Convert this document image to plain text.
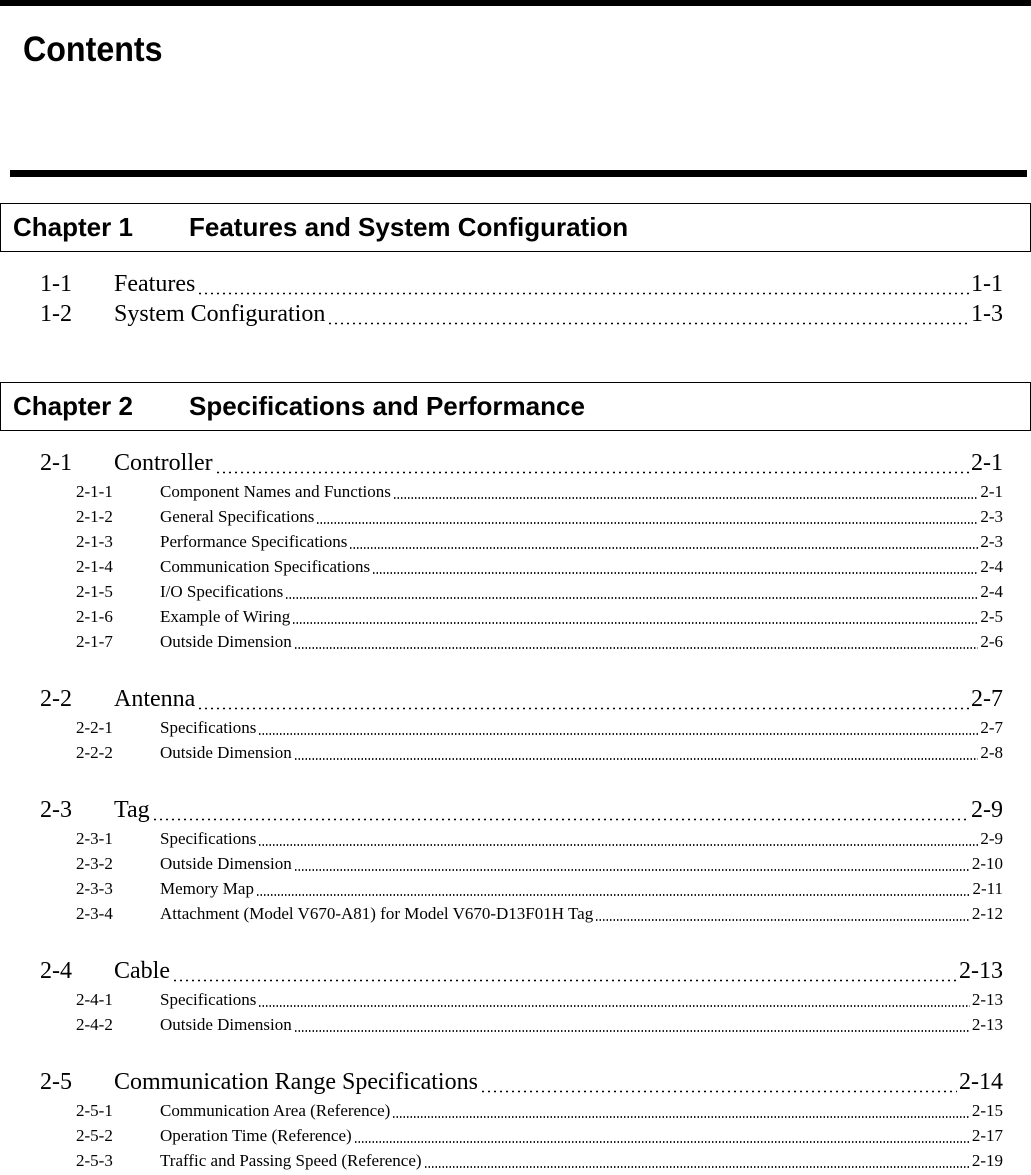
Contents
Chapter 1 Features and System Configuration
1-1	Features	1-1
1-2	System Configuration	1-3
Chapter 2 Specifications and Performance
2-1	Controller	2-1
2-1-1	Component Names and Functions	2-1
2-1-2	General Specifications	2-3
2-1-3	Performance Specifications	2-3
2-1-4	Communication Specifications	2-4
2-1-5	I/O Specifications	2-4
2-1-6	Example of Wiring	2-5
2-1-7	Outside Dimension	2-6
2-2	Antenna	2-7
2-2-1	Specifications	2-7
2-2-2	Outside Dimension	2-8
2-3	Tag	2-9
2-3-1	Specifications	2-9
2-3-2	Outside Dimension	2-10
2-3-3	Memory Map	2-11
2-3-4	Attachment (Model V670-A81) for Model V670-D13F01H Tag	2-12
2-4	Cable	2-13
2-4-1	Specifications	2-13
2-4-2	Outside Dimension	2-13
2-5	Communication Range Specifications	2-14
2-5-1	Communication Area (Reference)	2-15
2-5-2	Operation Time (Reference)	2-17
2-5-3	Traffic and Passing Speed (Reference)	2-19
